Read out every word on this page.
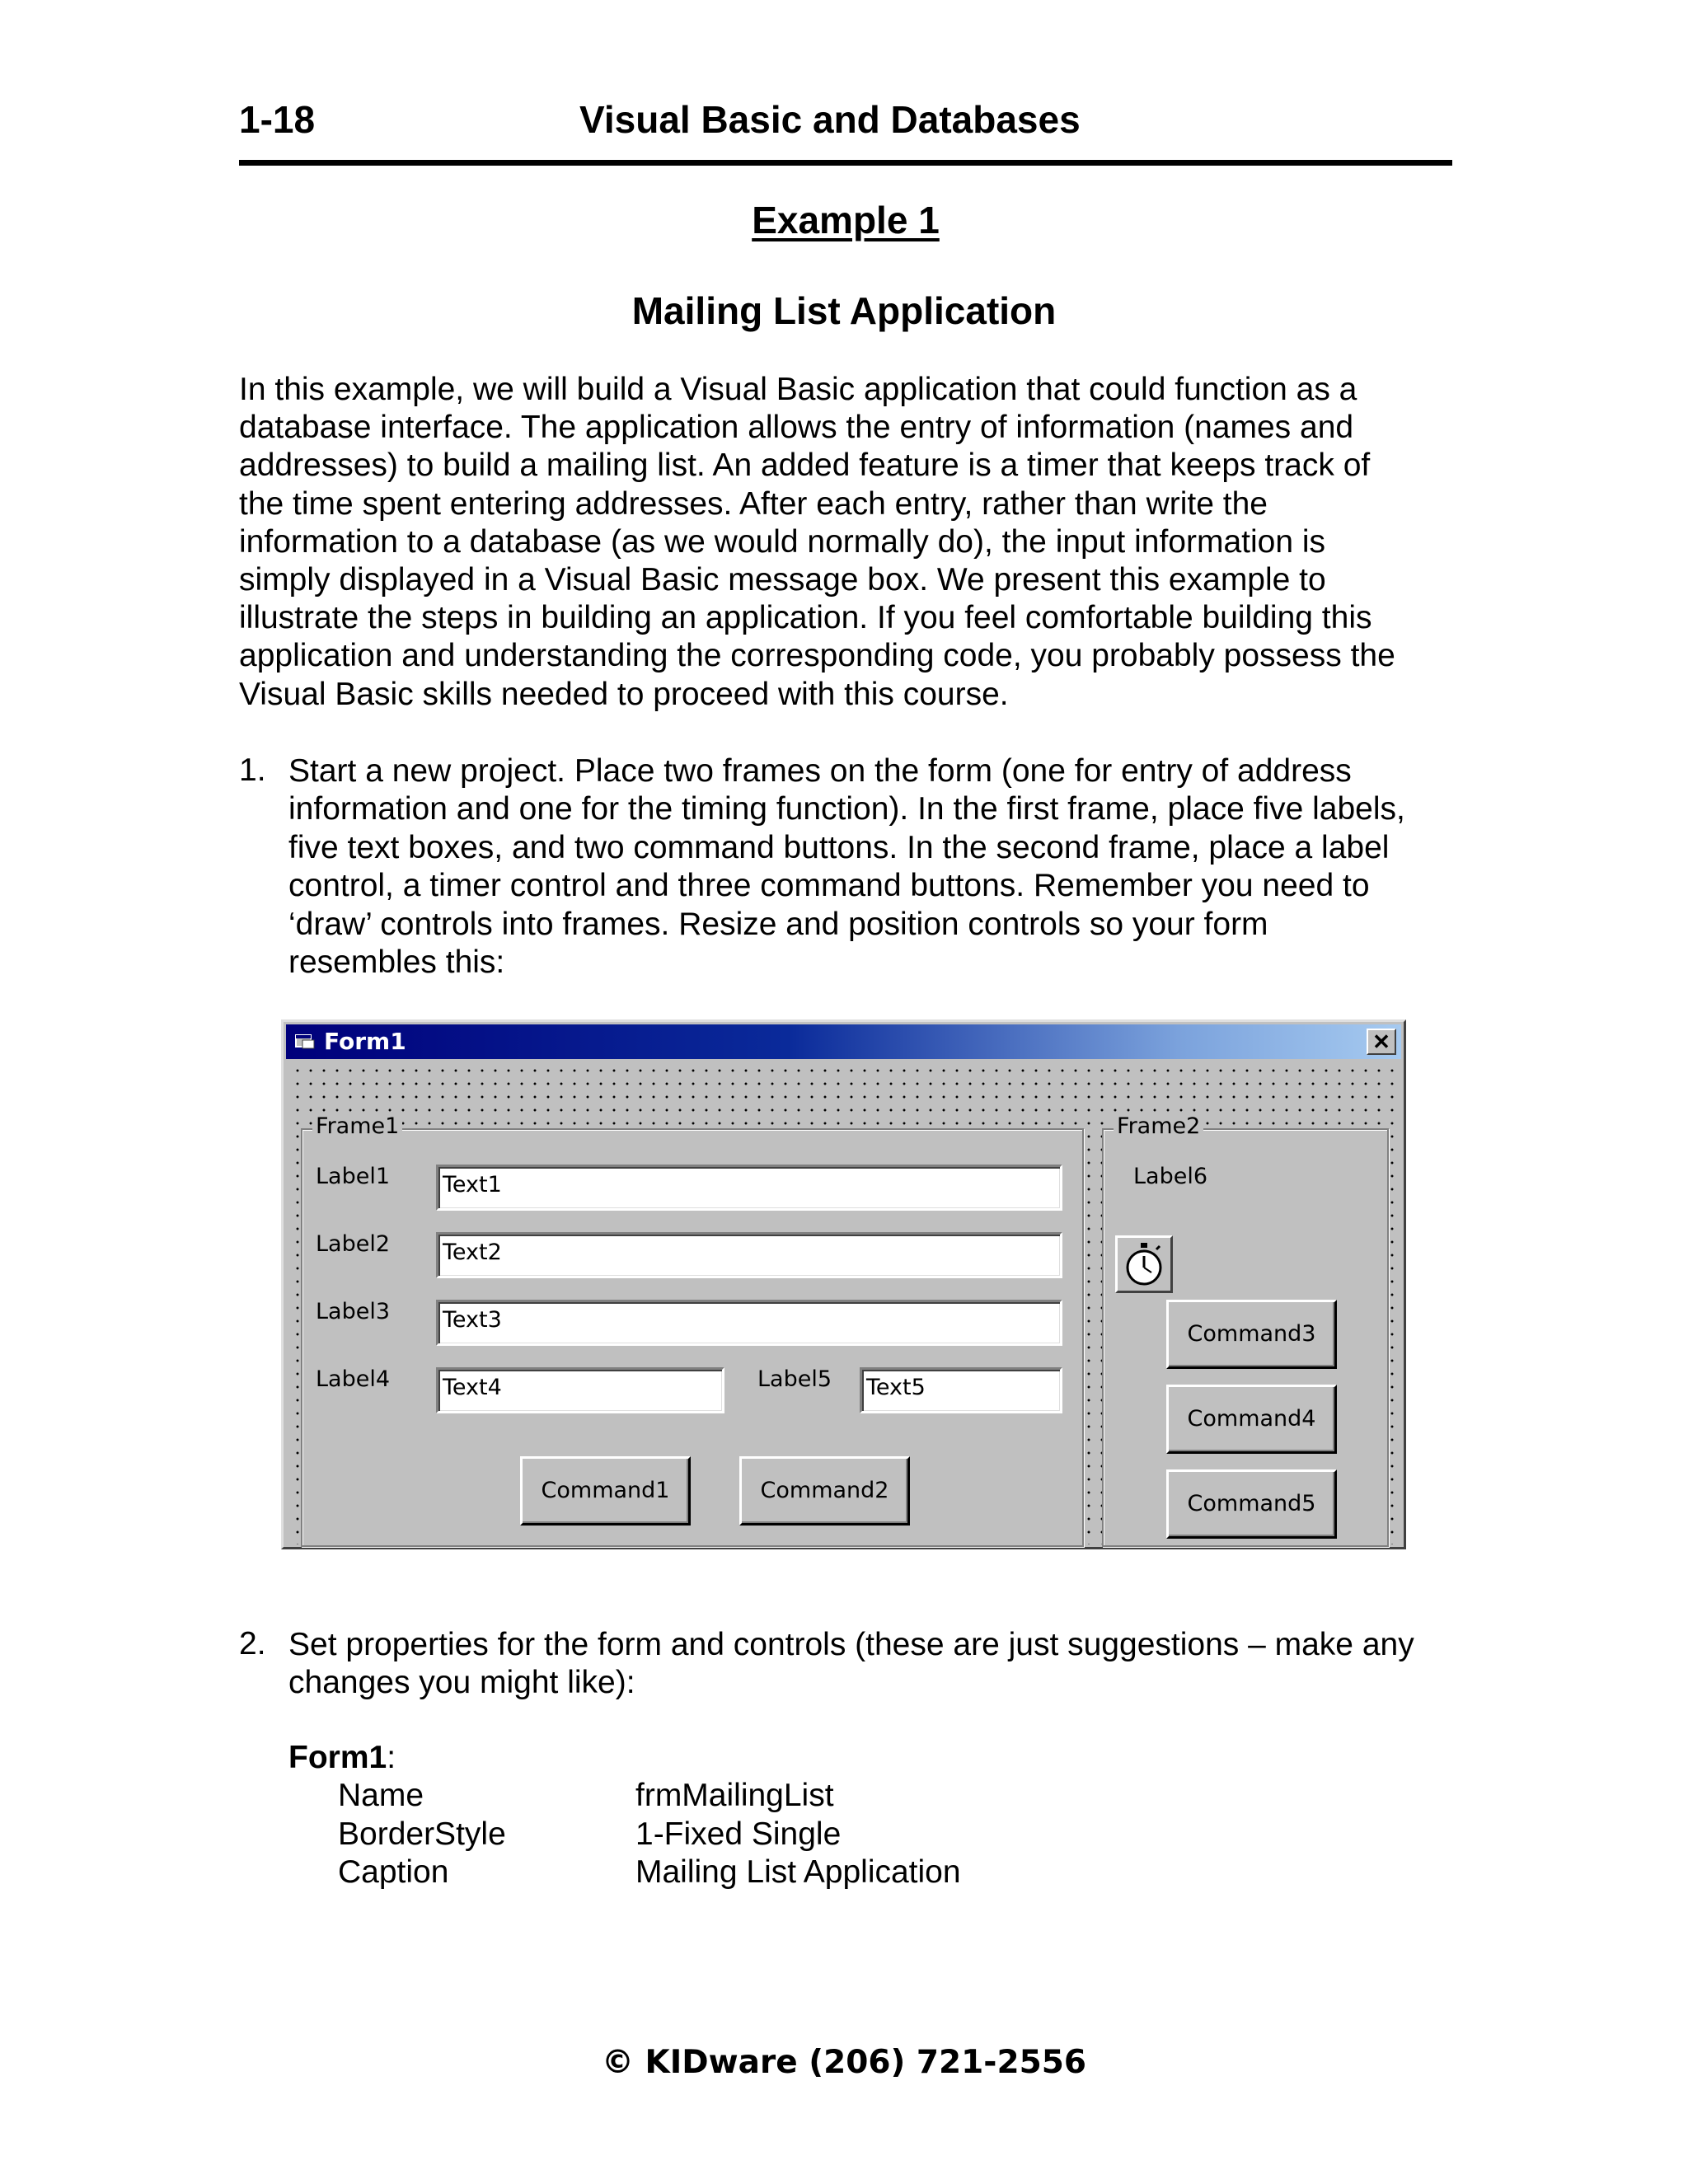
1-18	Visual Basic and Databases
Example 1
Mailing List Application

In this example, we will build a Visual Basic application that could function as a
database interface. The application allows the entry of information (names and
addresses) to build a mailing list. An added feature is a timer that keeps track of
the time spent entering addresses. After each entry, rather than write the
information to a database (as we would normally do), the input information is
simply displayed in a Visual Basic message box. We present this example to
illustrate the steps in building an application. If you feel comfortable building this
application and understanding the corresponding code, you probably possess the
Visual Basic skills needed to proceed with this course.

1. Start a new project. Place two frames on the form (one for entry of address
information and one for the timing function). In the first frame, place five labels,
five text boxes, and two command buttons. In the second frame, place a label
control, a timer control and three command buttons. Remember you need to
‘draw’ controls into frames. Resize and position controls so your form
resembles this:

Form1	✕
Frame1
Label1
Label2
Label3
Label4	Label5
Text1
Text2
Text3
Text4	Text5
Command1	Command2
Frame2
Label6
Command3
Command4
Command5
2. Set properties for the form and controls (these are just suggestions – make any
changes you might like):

Form1:
Name	frmMailingList
BorderStyle	1-Fixed Single
Caption	Mailing List Application
© KIDware (206) 721-2556
